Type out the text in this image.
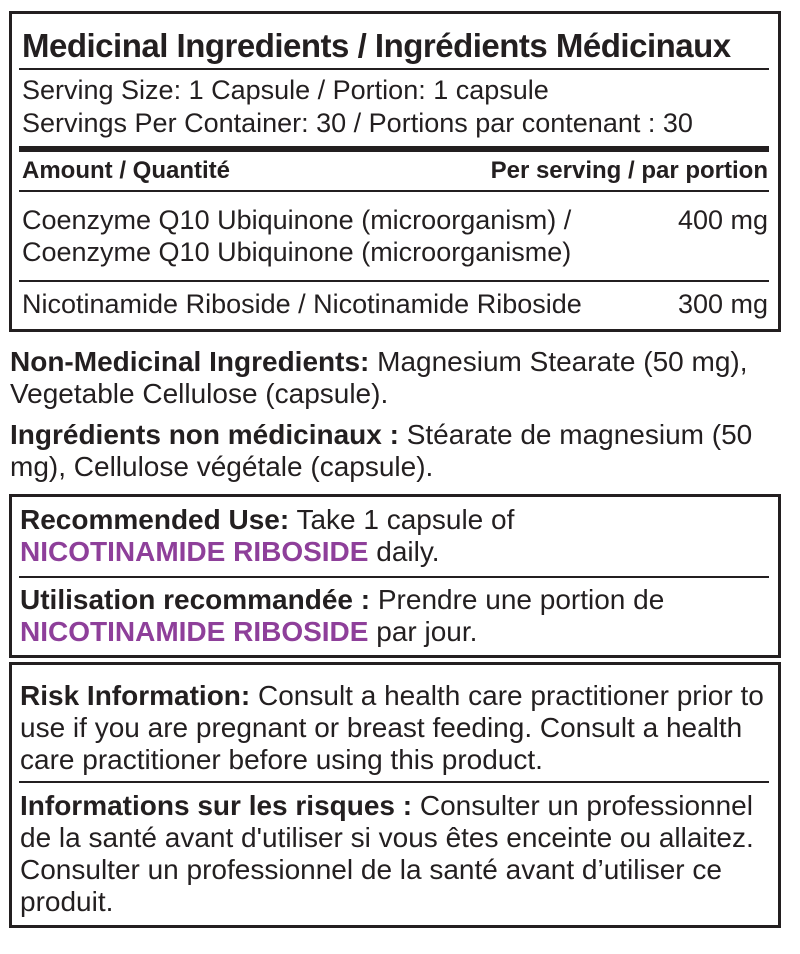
Medicinal Ingredients / Ingrédients Médicinaux
Serving Size: 1 Capsule / Portion: 1 capsule
Servings Per Container: 30 / Portions par contenant : 30
Amount / Quantité	Per serving / par portion
Coenzyme Q10 Ubiquinone (microorganism) /
Coenzyme Q10 Ubiquinone (microorganisme)
400 mg
Nicotinamide Riboside / Nicotinamide Riboside	300 mg
Non-Medicinal Ingredients: Magnesium Stearate (50 mg), Vegetable Cellulose (capsule).
Ingrédients non médicinaux : Stéarate de magnesium (50 mg), Cellulose végétale (capsule).
Recommended Use: Take 1 capsule of
NICOTINAMIDE RIBOSIDE daily.
Utilisation recommandée : Prendre une portion de
NICOTINAMIDE RIBOSIDE par jour.
Risk Information: Consult a health care practitioner prior to use if you are pregnant or breast feeding. Consult a health care practitioner before using this product.
Informations sur les risques : Consulter un professionnel de la santé avant d'utiliser si vous êtes enceinte ou allaitez. Consulter un professionnel de la santé avant d’utiliser ce produit.
